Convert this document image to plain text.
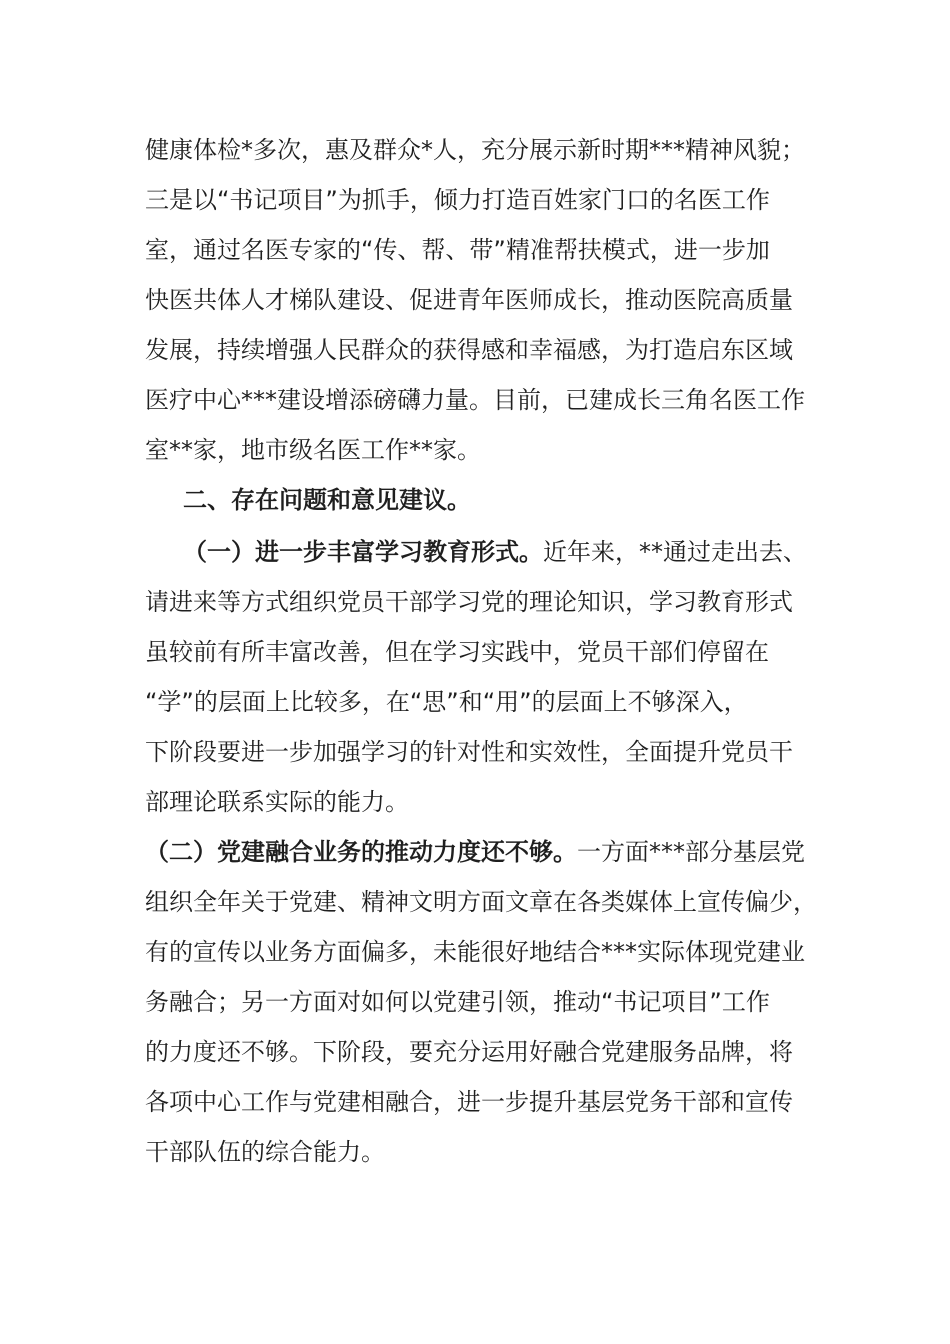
健康体检*多次，惠及群众*人，充分展示新时期***精神风貌；
三是以“书记项目”为抓手，倾力打造百姓家门口的名医工作
室，通过名医专家的“传、帮、带”精准帮扶模式，进一步加
快医共体人才梯队建设、促进青年医师成长，推动医院高质量
发展，持续增强人民群众的获得感和幸福感，为打造启东区域
医疗中心***建设增添磅礴力量。目前，已建成长三角名医工作
室**家，地市级名医工作**家。
二、存在问题和意见建议。
（一）进一步丰富学习教育形式。近年来，**通过走出去、
请进来等方式组织党员干部学习党的理论知识，学习教育形式
虽较前有所丰富改善，但在学习实践中，党员干部们停留在
“学”的层面上比较多，在“思”和“用”的层面上不够深入，
下阶段要进一步加强学习的针对性和实效性，全面提升党员干
部理论联系实际的能力。
（二）党建融合业务的推动力度还不够。一方面***部分基层党
组织全年关于党建、精神文明方面文章在各类媒体上宣传偏少，
有的宣传以业务方面偏多，未能很好地结合***实际体现党建业
务融合；另一方面对如何以党建引领，推动“书记项目”工作
的力度还不够。下阶段，要充分运用好融合党建服务品牌，将
各项中心工作与党建相融合，进一步提升基层党务干部和宣传
干部队伍的综合能力。
